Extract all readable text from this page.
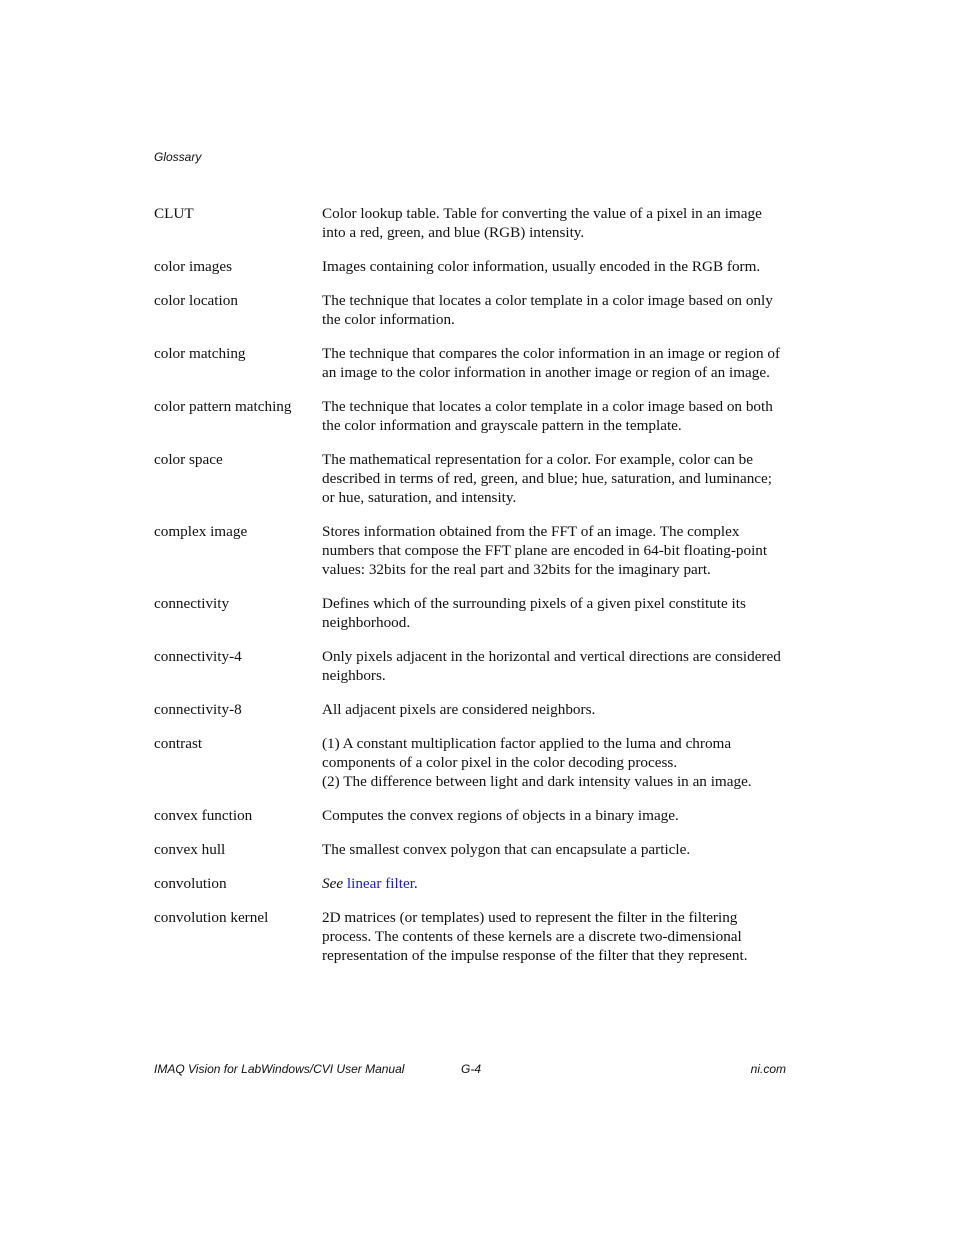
Glossary
CLUT	Color lookup table. Table for converting the value of a pixel in an image
into a red, green, and blue (RGB) intensity.
color images	Images containing color information, usually encoded in the RGB form.
color location	The technique that locates a color template in a color image based on only
the color information.
color matching	The technique that compares the color information in an image or region of
an image to the color information in another image or region of an image.
color pattern matching	The technique that locates a color template in a color image based on both
the color information and grayscale pattern in the template.
color space	The mathematical representation for a color. For example, color can be
described in terms of red, green, and blue; hue, saturation, and luminance;
or hue, saturation, and intensity.
complex image	Stores information obtained from the FFT of an image. The complex
numbers that compose the FFT plane are encoded in 64-bit floating-point
values: 32bits for the real part and 32bits for the imaginary part.
connectivity	Defines which of the surrounding pixels of a given pixel constitute its
neighborhood.
connectivity-4	Only pixels adjacent in the horizontal and vertical directions are considered
neighbors.
connectivity-8	All adjacent pixels are considered neighbors.
contrast	(1) A constant multiplication factor applied to the luma and chroma
components of a color pixel in the color decoding process.
(2) The difference between light and dark intensity values in an image.
convex function	Computes the convex regions of objects in a binary image.
convex hull	The smallest convex polygon that can encapsulate a particle.
convolution	See linear filter.
convolution kernel	2D matrices (or templates) used to represent the filter in the filtering
process. The contents of these kernels are a discrete two-dimensional
representation of the impulse response of the filter that they represent.
IMAQ Vision for LabWindows/CVI User Manual	G-4	ni.com
